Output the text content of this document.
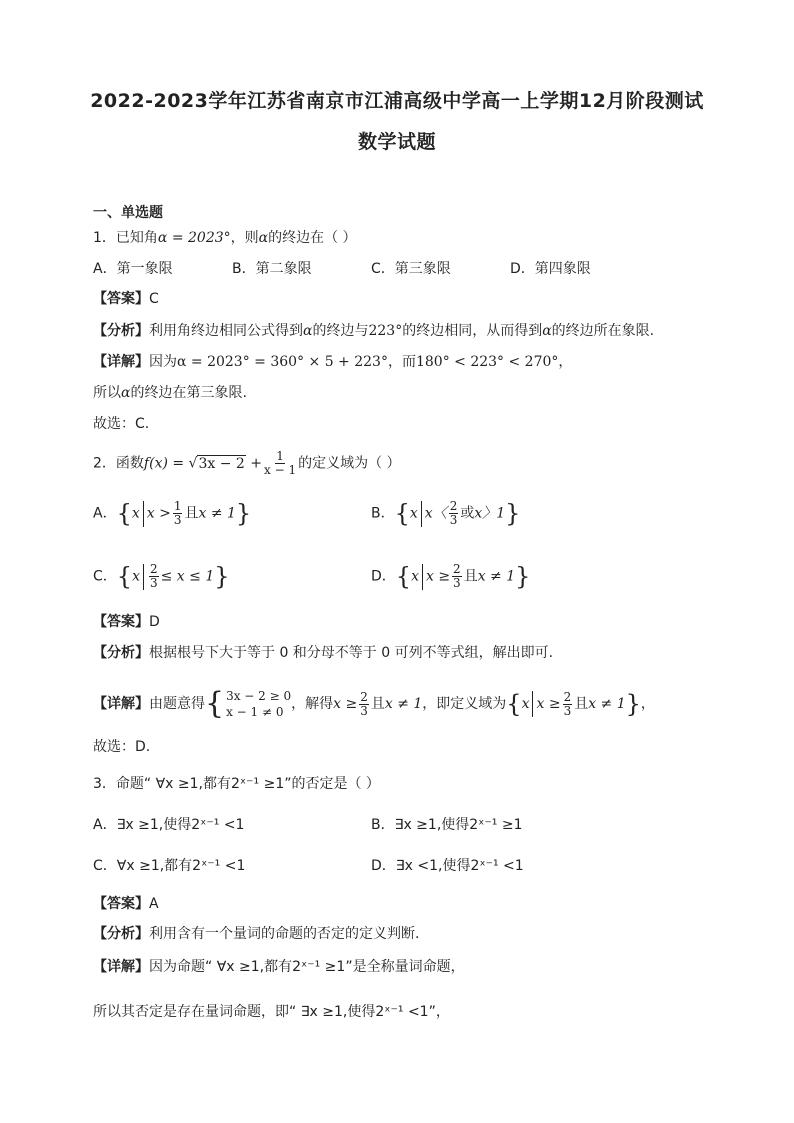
2022-2023学年江苏省南京市江浦高级中学高一上学期12月阶段测试
数学试题
一、单选题
1．已知角α = 2023°，则α的终边在（ ）
A．第一象限	B．第二象限	C．第三象限	D．第四象限
【答案】C
【分析】利用角终边相同公式得到α的终边与223°的终边相同，从而得到α的终边所在象限.
【详解】因为α = 2023° = 360° × 5 + 223°，而180° < 223° < 270°，
所以α的终边在第三象限.
故选：C.
2．函数$f(x) = √3x - 2 + \frac{1}{x - 1}$ 的定义域为（ ）
A．{x $x > \frac{1}{3}$ 且x ≠ 1}	B．{x x〈 $\frac{2}{3}$ 或x〉1}
C．$\{x \frac{2}{3} \le x \le 1\}$	D．{x $x \ge \frac{2}{3}$ 且x ≠ 1}
【答案】D
【分析】根据根号下大于等于 0 和分母不等于 0 可列不等式组，解出即可.
【详解】由题意得 { 3x − 2 ≥ 0
x − 1 ≠ 0 ，解得$x \ge \frac{2}{3}$ 且x ≠ 1，即定义域为{x $x \ge \frac{2}{3}$ 且x ≠ 1}，
故选：D.
3．命题“ ∀x ≥1,都有2ˣ⁻¹ ≥1”的否定是（ ）
A．∃x ≥1,使得2ˣ⁻¹ <1	B．∃x ≥1,使得2ˣ⁻¹ ≥1
C．∀x ≥1,都有2ˣ⁻¹ <1	D．∃x <1,使得2ˣ⁻¹ <1
【答案】A
【分析】利用含有一个量词的命题的否定的定义判断.
【详解】因为命题“ ∀x ≥1,都有2ˣ⁻¹ ≥1”是全称量词命题，
所以其否定是存在量词命题，即“ ∃x ≥1,使得2ˣ⁻¹ <1”，
